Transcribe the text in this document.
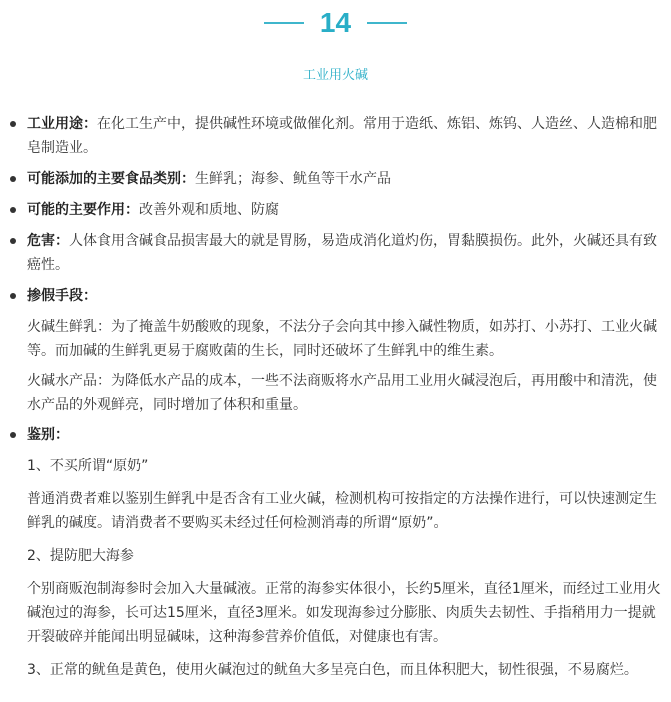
14
工业用火碱
工业用途：在化工生产中，提供碱性环境或做催化剂。常用于造纸、炼铝、炼钨、人造丝、人造棉和肥皂制造业。
可能添加的主要食品类别：生鲜乳；海参、鱿鱼等干水产品
可能的主要作用：改善外观和质地、防腐
危害：人体食用含碱食品损害最大的就是胃肠，易造成消化道灼伤，胃黏膜损伤。此外，火碱还具有致癌性。
掺假手段：
火碱生鲜乳：为了掩盖牛奶酸败的现象，不法分子会向其中掺入碱性物质，如苏打、小苏打、工业火碱等。而加碱的生鲜乳更易于腐败菌的生长，同时还破坏了生鲜乳中的维生素。
火碱水产品：为降低水产品的成本，一些不法商贩将水产品用工业用火碱浸泡后，再用酸中和清洗，使水产品的外观鲜亮，同时增加了体积和重量。
鉴别：
1、不买所谓“原奶”
普通消费者难以鉴别生鲜乳中是否含有工业火碱，检测机构可按指定的方法操作进行，可以快速测定生鲜乳的碱度。请消费者不要购买未经过任何检测消毒的所谓“原奶”。
2、提防肥大海参
个别商贩泡制海参时会加入大量碱液。正常的海参实体很小，长约5厘米，直径1厘米，而经过工业用火碱泡过的海参，长可达15厘米，直径3厘米。如发现海参过分膨胀、肉质失去韧性、手指稍用力一提就开裂破碎并能闻出明显碱味，这种海参营养价值低，对健康也有害。
3、正常的鱿鱼是黄色，使用火碱泡过的鱿鱼大多呈亮白色，而且体积肥大，韧性很强，不易腐烂。
